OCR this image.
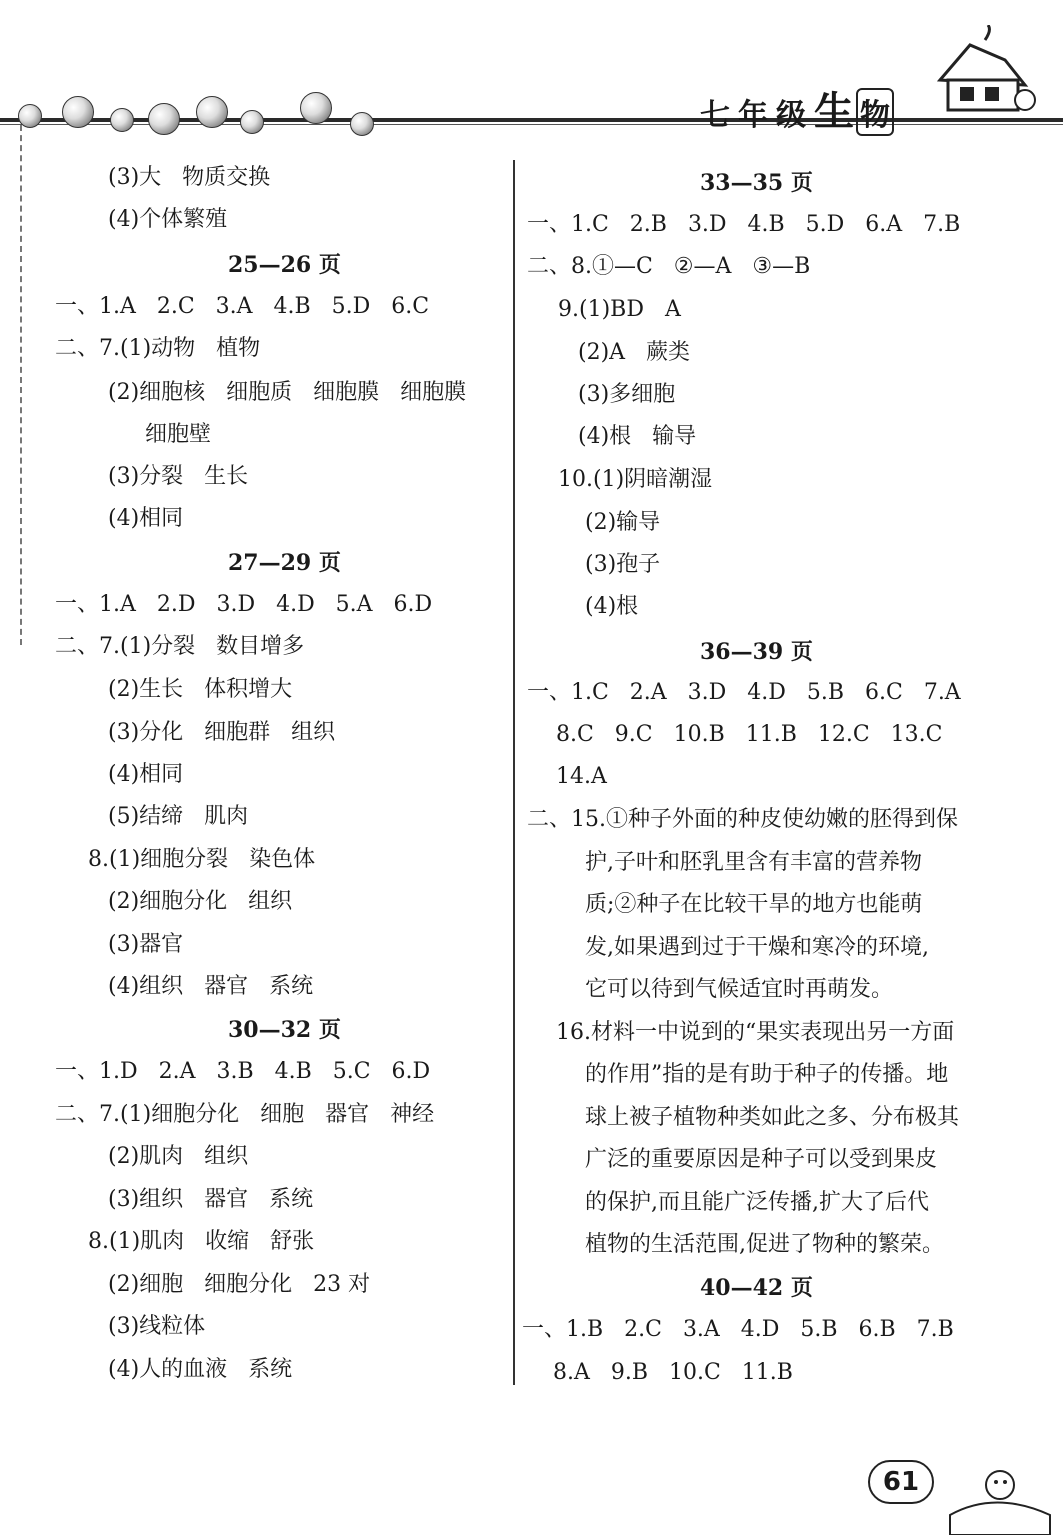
七年级生 物
(3)大   物质交换
(4)个体繁殖
25—26 页
一、1.A   2.C   3.A   4.B   5.D   6.C
二、7.(1)动物   植物
(2)细胞核   细胞质   细胞膜   细胞膜
细胞壁
(3)分裂   生长
(4)相同
27—29 页
一、1.A   2.D   3.D   4.D   5.A   6.D
二、7.(1)分裂   数目增多
(2)生长   体积增大
(3)分化   细胞群   组织
(4)相同
(5)结缔   肌肉
8.(1)细胞分裂   染色体
(2)细胞分化   组织
(3)器官
(4)组织   器官   系统
30—32 页
一、1.D   2.A   3.B   4.B   5.C   6.D
二、7.(1)细胞分化   细胞   器官   神经
(2)肌肉   组织
(3)组织   器官   系统
8.(1)肌肉   收缩   舒张
(2)细胞   细胞分化   23 对
(3)线粒体
(4)人的血液   系统
33—35 页
一、1.C   2.B   3.D   4.B   5.D   6.A   7.B
二、8.①—C   ②—A   ③—B
9.(1)BD   A
(2)A   蕨类
(3)多细胞
(4)根   输导
10.(1)阴暗潮湿
(2)输导
(3)孢子
(4)根
36—39 页
一、1.C   2.A   3.D   4.D   5.B   6.C   7.A
8.C   9.C   10.B   11.B   12.C   13.C
14.A
二、15.①种子外面的种皮使幼嫩的胚得到保
护,子叶和胚乳里含有丰富的营养物
质;②种子在比较干旱的地方也能萌
发,如果遇到过于干燥和寒冷的环境,
它可以待到气候适宜时再萌发。
16.材料一中说到的“果实表现出另一方面
的作用”指的是有助于种子的传播。地
球上被子植物种类如此之多、分布极其
广泛的重要原因是种子可以受到果皮
的保护,而且能广泛传播,扩大了后代
植物的生活范围,促进了物种的繁荣。
40—42 页
一、1.B   2.C   3.A   4.D   5.B   6.B   7.B
8.A   9.B   10.C   11.B
61
